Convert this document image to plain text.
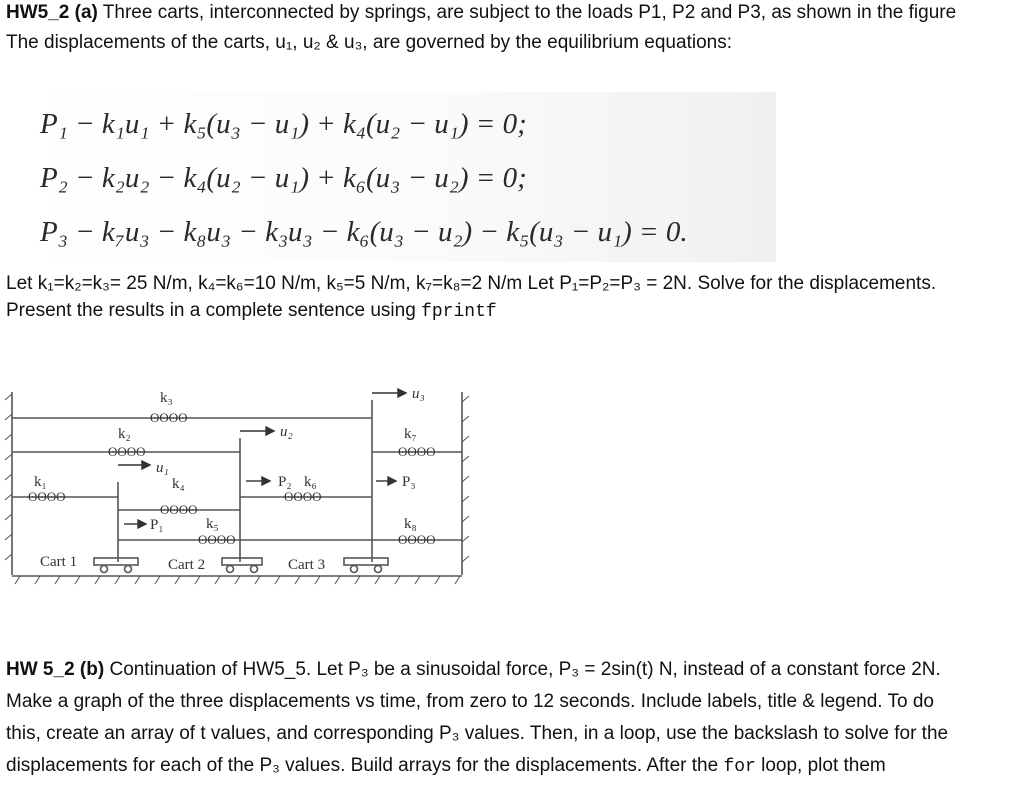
HW5_2 (a) Three carts, interconnected by springs, are subject to the loads P1, P2 and P3, as shown in the figure
The displacements of the carts, u₁, u₂ & u₃, are governed by the equilibrium equations:
P₁ − k₁u₁ + k₅(u₃ − u₁) + k₄(u₂ − u₁) = 0;
P₂ − k₂u₂ − k₄(u₂ − u₁) + k₆(u₃ − u₂) = 0;
P₃ − k₇u₃ − k₈u₃ − k₃u₃ − k₆(u₃ − u₂) − k₅(u₃ − u₁) = 0.
Let k₁=k₂=k₃= 25 N/m, k₄=k₆=10 N/m, k₅=5 N/m, k₇=k₈=2 N/m Let P₁=P₂=P₃ = 2N. Solve for the displacements.
Present the results in a complete sentence using fprintf
ʘʘʘʘ
ʘʘʘʘ
ʘʘʘʘ
ʘʘʘʘ
ʘʘʘʘ
ʘʘʘʘ
ʘʘʘʘ
ʘʘʘʘ
k₃
k₂
k₁	k₄
k₅
k₆
k₇
k₈
u₁
u₂
u₃
P₁
P₂	P₃
Cart 1	Cart 2	Cart 3
HW 5_2 (b) Continuation of HW5_5. Let P₃ be a sinusoidal force, P₃ = 2sin(t) N, instead of a constant force 2N.
Make a graph of the three displacements vs time, from zero to 12 seconds. Include labels, title & legend. To do
this, create an array of t values, and corresponding P₃ values. Then, in a loop, use the backslash to solve for the
displacements for each of the P₃ values. Build arrays for the displacements. After the for loop, plot them
